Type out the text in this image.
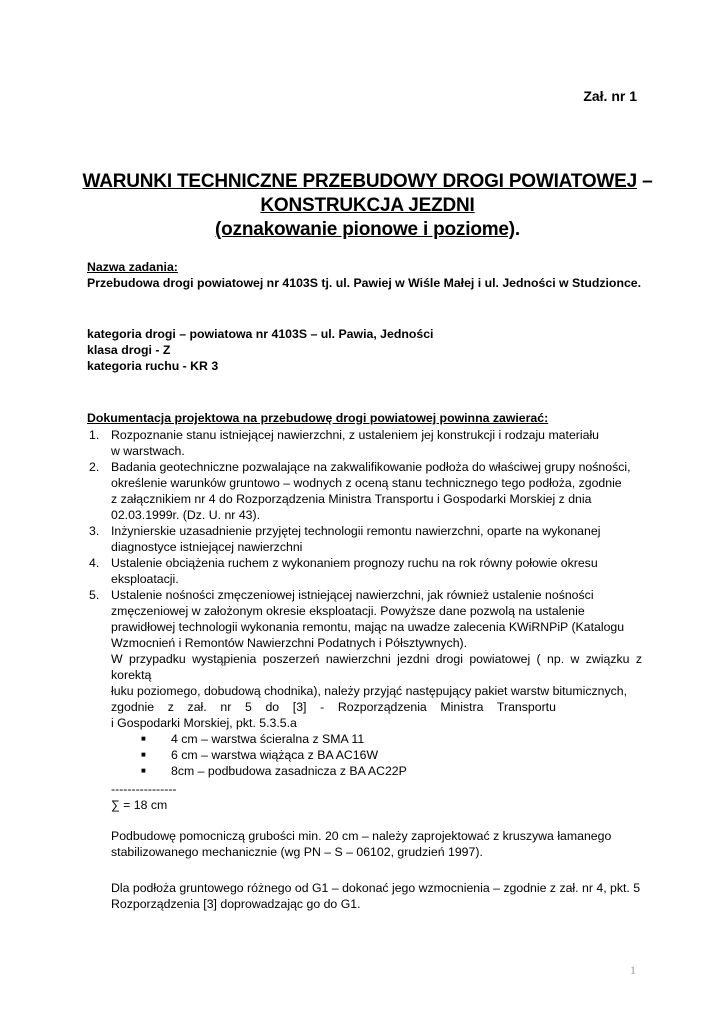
Zał. nr 1
WARUNKI TECHNICZNE PRZEBUDOWY DROGI POWIATOWEJ –
KONSTRUKCJA JEZDNI
(oznakowanie pionowe i poziome).
Nazwa zadania:
Przebudowa drogi powiatowej nr 4103S tj. ul. Pawiej w Wiśle Małej i ul. Jedności w Studzionce.
kategoria drogi – powiatowa nr 4103S – ul. Pawia, Jedności
klasa drogi - Z
kategoria ruchu - KR 3
Dokumentacja projektowa na przebudowę drogi powiatowej powinna zawierać:
1. Rozpoznanie stanu istniejącej nawierzchni, z ustaleniem jej konstrukcji i rodzaju materiału
w warstwach.
2. Badania geotechniczne pozwalające na zakwalifikowanie podłoża do właściwej grupy nośności,
określenie warunków gruntowo – wodnych z oceną stanu technicznego tego podłoża, zgodnie
z załącznikiem nr 4 do Rozporządzenia Ministra Transportu i Gospodarki Morskiej z dnia
02.03.1999r. (Dz. U. nr 43).
3. Inżynierskie uzasadnienie przyjętej technologii remontu nawierzchni, oparte na wykonanej
diagnostyce istniejącej nawierzchni
4. Ustalenie obciążenia ruchem z wykonaniem prognozy ruchu na rok równy połowie okresu
eksploatacji.
5. Ustalenie nośności zmęczeniowej istniejącej nawierzchni, jak również ustalenie nośności
zmęczeniowej w założonym okresie eksploatacji. Powyższe dane pozwolą na ustalenie
prawidłowej technologii wykonania remontu, mając na uwadze zalecenia KWiRNPiP (Katalogu
Wzmocnień i Remontów Nawierzchni Podatnych i Półsztywnych).
W przypadku wystąpienia poszerzeń nawierzchni jezdni drogi powiatowej ( np. w związku z korektą
łuku poziomego, dobudową chodnika), należy przyjąć następujący pakiet warstw bitumicznych,
zgodnie    z    zał.    nr    5    do    [3]    -    Rozporządzenia    Ministra    Transportu
i Gospodarki Morskiej, pkt. 5.3.5.a
■	4 cm – warstwa ścieralna z SMA 11
■	6 cm – warstwa wiążąca z BA AC16W
■	8cm – podbudowa zasadnicza z BA AC22P
----------------
∑ = 18 cm
Podbudowę pomocniczą grubości min. 20 cm – należy zaprojektować z kruszywa łamanego
stabilizowanego mechanicznie (wg PN – S – 06102, grudzień 1997).
Dla podłoża gruntowego różnego od G1 – dokonać jego wzmocnienia – zgodnie z zał. nr 4, pkt. 5
Rozporządzenia [3] doprowadzając go do G1.
1
